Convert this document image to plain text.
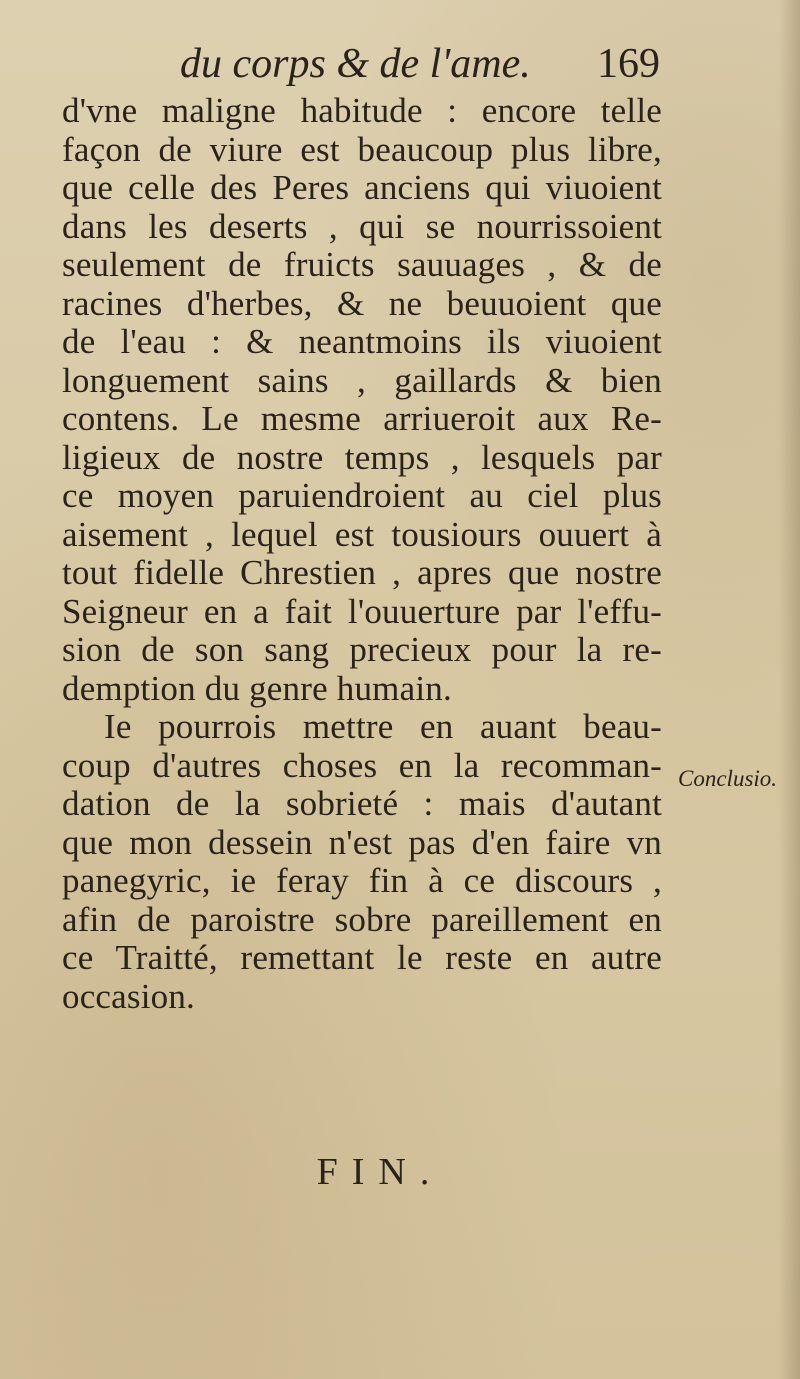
du corps & de l'ame. 169
d'vne maligne habitude : encore telle
façon de viure est beaucoup plus libre,
que celle des Peres anciens qui viuoient
dans les deserts , qui se nourrissoient
seulement de fruicts sauuages , & de
racines d'herbes, & ne beuuoient que
de l'eau : & neantmoins ils viuoient
longuement sains , gaillards & bien
contens. Le mesme arriueroit aux Re-
ligieux de nostre temps , lesquels par
ce moyen paruiendroient au ciel plus
aisement , lequel est tousiours ouuert à
tout fidelle Chrestien , apres que nostre
Seigneur en a fait l'ouuerture par l'effu-
sion de son sang precieux pour la re-
demption du genre humain.
Ie pourrois mettre en auant beau-
coup d'autres choses en la recomman-
dation de la sobrieté : mais d'autant
que mon dessein n'est pas d'en faire vn
panegyric, ie feray fin à ce discours ,
afin de paroistre sobre pareillement en
ce Traitté, remettant le reste en autre
occasion.
Conclusio.
FIN.
